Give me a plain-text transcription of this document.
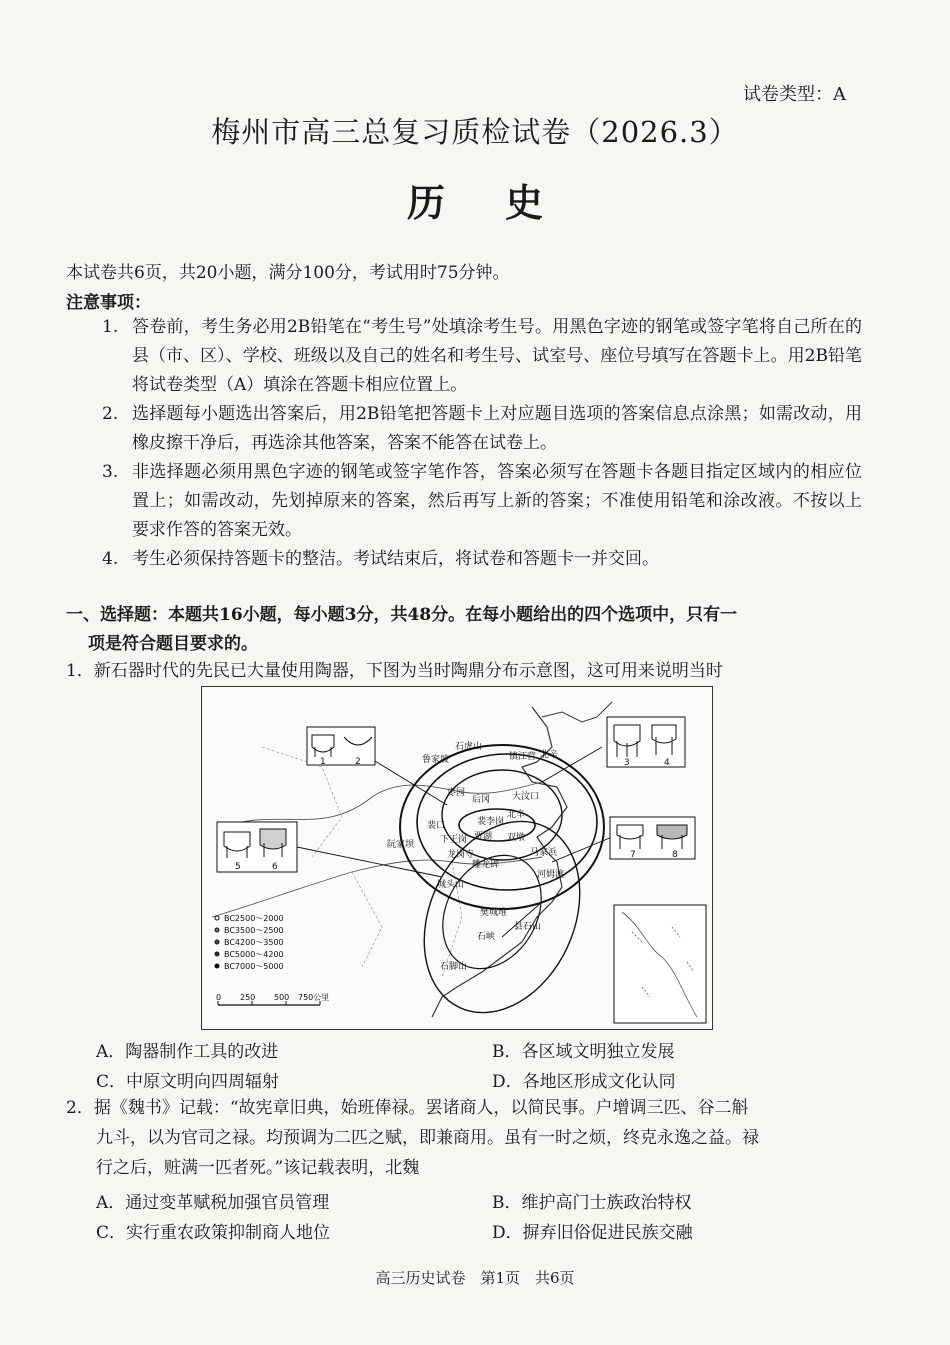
试卷类型：A
梅州市高三总复习质检试卷（2026.3）
历史
本试卷共6页，共20小题，满分100分，考试用时75分钟。
注意事项：
1. 答卷前，考生务必用2B铅笔在“考生号”处填涂考生号。用黑色字迹的钢笔或签字笔将自己所在的县（市、区）、学校、班级以及自己的姓名和考生号、试室号、座位号填写在答题卡上。用2B铅笔将试卷类型（A）填涂在答题卡相应位置上。
2. 选择题每小题选出答案后，用2B铅笔把答题卡上对应题目选项的答案信息点涂黑；如需改动，用橡皮擦干净后，再选涂其他答案，答案不能答在试卷上。
3. 非选择题必须用黑色字迹的钢笔或签字笔作答，答案必须写在答题卡各题目指定区域内的相应位置上；如需改动，先划掉原来的答案，然后再写上新的答案；不准使用铅笔和涂改液。不按以上要求作答的答案无效。
4. 考生必须保持答题卡的整洁。考试结束后，将试卷和答题卡一并交回。
一、选择题：本题共16小题，每小题3分，共48分。在每小题给出的四个选项中，只有一
项是符合题目要求的。
1．新石器时代的先民已大量使用陶器，下图为当时陶鼎分布示意图，这可用来说明当时
1	2	3	4
5	6
7	8
石虎山
鲁家坡	镇江营 北辛
枣园
后冈 大汶口
北辛
裴李岗
裴口
下王岗 贾湖 双墩
阮家坝
龙岗寺
雕龙碑
马家浜
城头山
河姆渡
樊城堆
县石山
石峡
石脚山
BC2500～2000
BC3500～2500
BC4200～3500
BC5000～4200
BC7000～5000
0 250 500 750公里
A．陶器制作工具的改进	B．各区域文明独立发展
C．中原文明向四周辐射	D．各地区形成文化认同
2．据《魏书》记载：“故宪章旧典，始班俸禄。罢诸商人，以简民事。户增调三匹、谷二斛
九斗，以为官司之禄。均预调为二匹之赋，即兼商用。虽有一时之烦，终克永逸之益。禄
行之后，赃满一匹者死。”该记载表明，北魏
A．通过变革赋税加强官员管理	B．维护高门士族政治特权
C．实行重农政策抑制商人地位	D．摒弃旧俗促进民族交融
高三历史试卷　第1页　共6页
